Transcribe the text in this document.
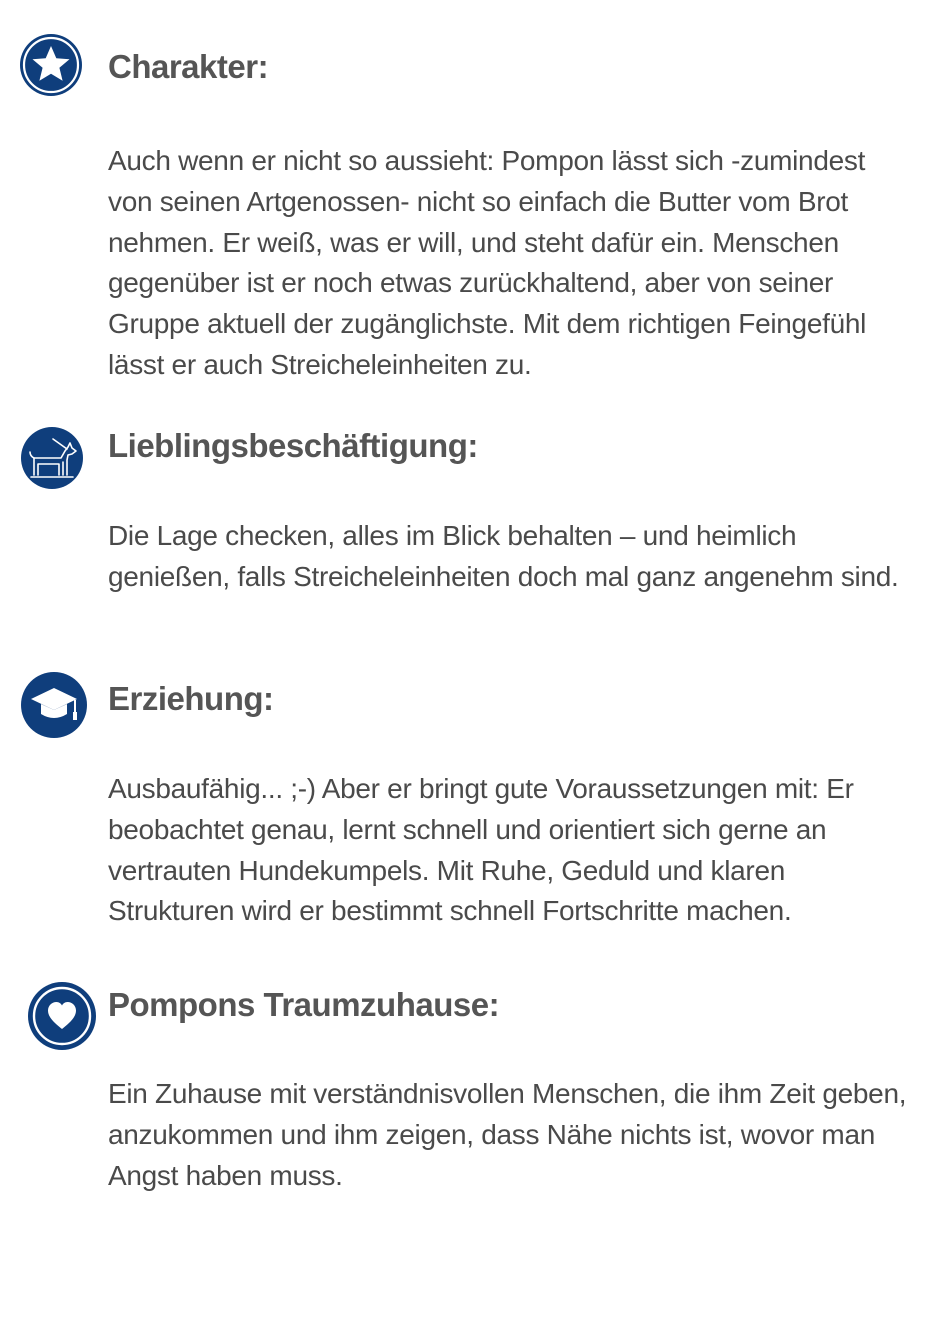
Charakter:

Auch wenn er nicht so aussieht: Pompon lässt sich -zumindest von seinen Artgenossen- nicht so einfach die Butter vom Brot nehmen. Er weiß, was er will, und steht dafür ein. Menschen gegenüber ist er noch etwas zurückhaltend, aber von seiner Gruppe aktuell der zugänglichste. Mit dem richtigen Feingefühl lässt er auch Streicheleinheiten zu.

Lieblingsbeschäftigung:

Die Lage checken, alles im Blick behalten – und heimlich genießen, falls Streicheleinheiten doch mal ganz angenehm sind.

Erziehung:

Ausbaufähig... ;-) Aber er bringt gute Voraussetzungen mit: Er beobachtet genau, lernt schnell und orientiert sich gerne an vertrauten Hundekumpels. Mit Ruhe, Geduld und klaren Strukturen wird er bestimmt schnell Fortschritte machen.

Pompons Traumzuhause:

Ein Zuhause mit verständnisvollen Menschen, die ihm Zeit geben, anzukommen und ihm zeigen, dass Nähe nichts ist, wovor man Angst haben muss.
